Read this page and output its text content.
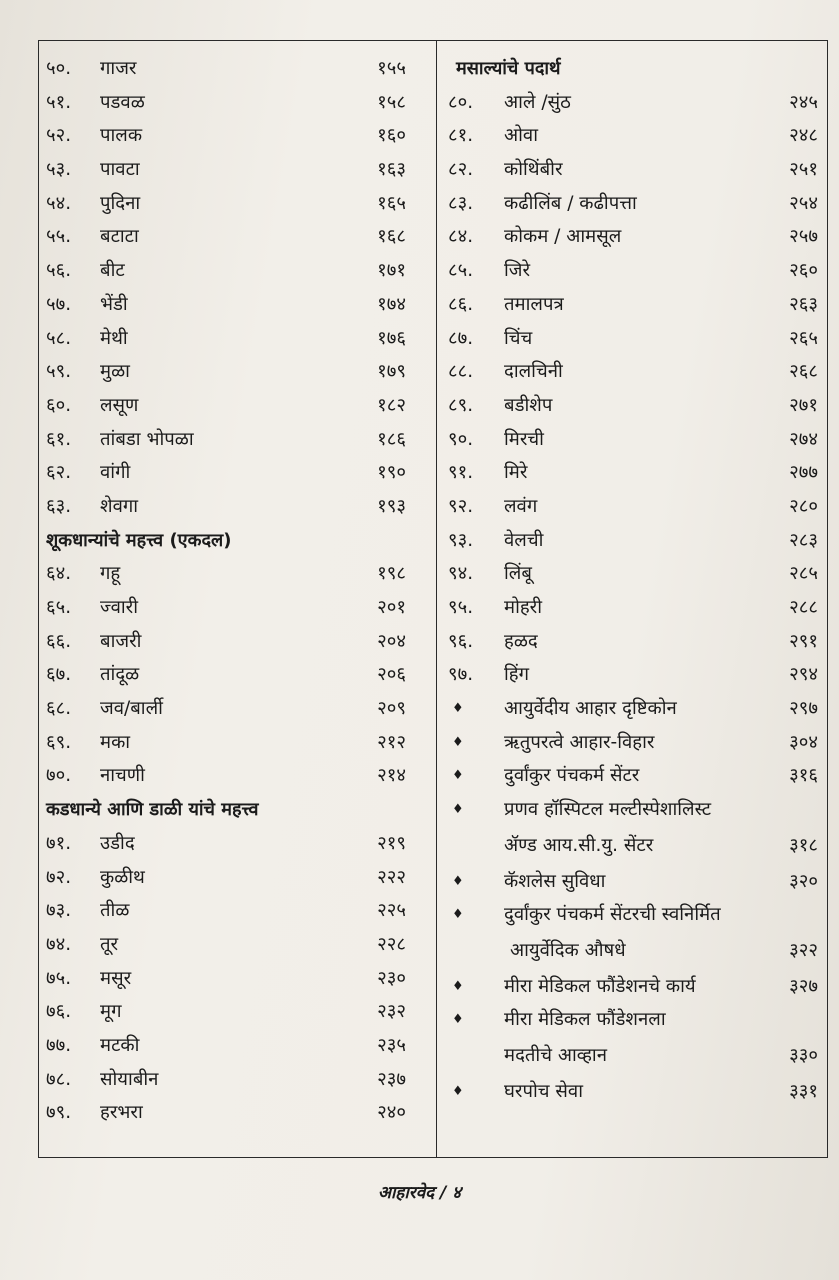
५०. गाजर	१५५
५१. पडवळ	१५८
५२. पालक	१६०
५३. पावटा	१६३
५४. पुदिना	१६५
५५. बटाटा	१६८
५६. बीट	१७१
५७. भेंडी	१७४
५८. मेथी	१७६
५९. मुळा	१७९
६०. लसूण	१८२
६१. तांबडा भोपळा	१८६
६२. वांगी	१९०
६३. शेवगा	१९३
शूकधान्यांचे महत्त्व (एकदल)
६४. गहू	१९८
६५. ज्वारी	२०१
६६. बाजरी	२०४
६७. तांदूळ	२०६
६८. जव/बार्ली	२०९
६९. मका	२१२
७०. नाचणी	२१४
कडधान्ये आणि डाळी यांचे महत्त्व
७१. उडीद	२१९
७२. कुळीथ	२२२
७३. तीळ	२२५
७४. तूर	२२८
७५. मसूर	२३०
७६. मूग	२३२
७७. मटकी	२३५
७८. सोयाबीन	२३७
७९. हरभरा	२४०
मसाल्यांचे पदार्थ
८०. आले /सुंठ	२४५
८१. ओवा	२४८
८२. कोथिंबीर	२५१
८३. कढीलिंब / कढीपत्ता	२५४
८४. कोकम / आमसूल	२५७
८५. जिरे	२६०
८६. तमालपत्र	२६३
८७. चिंच	२६५
८८. दालचिनी	२६८
८९. बडीशेप	२७१
९०. मिरची	२७४
९१. मिरे	२७७
९२. लवंग	२८०
९३. वेलची	२८३
९४. लिंबू	२८५
९५. मोहरी	२८८
९६. हळद	२९१
९७. हिंग	२९४
♦ आयुर्वेदीय आहार दृष्टिकोन	२९७
♦ ऋतुपरत्वे आहार-विहार	३०४
♦ दुर्वांकुर पंचकर्म सेंटर	३१६
♦ प्रणव हॉस्पिटल मल्टीस्पेशालिस्ट
ॲण्ड आय.सी.यु. सेंटर	३१८
♦ कॅशलेस सुविधा	३२०
♦ दुर्वांकुर पंचकर्म सेंटरची स्वनिर्मित
आयुर्वेदिक औषधे	३२२
♦ मीरा मेडिकल फौंडेशनचे कार्य	३२७
♦ मीरा मेडिकल फौंडेशनला
मदतीचे आव्हान	३३०
♦ घरपोच सेवा	३३१
आहारवेद / ४
